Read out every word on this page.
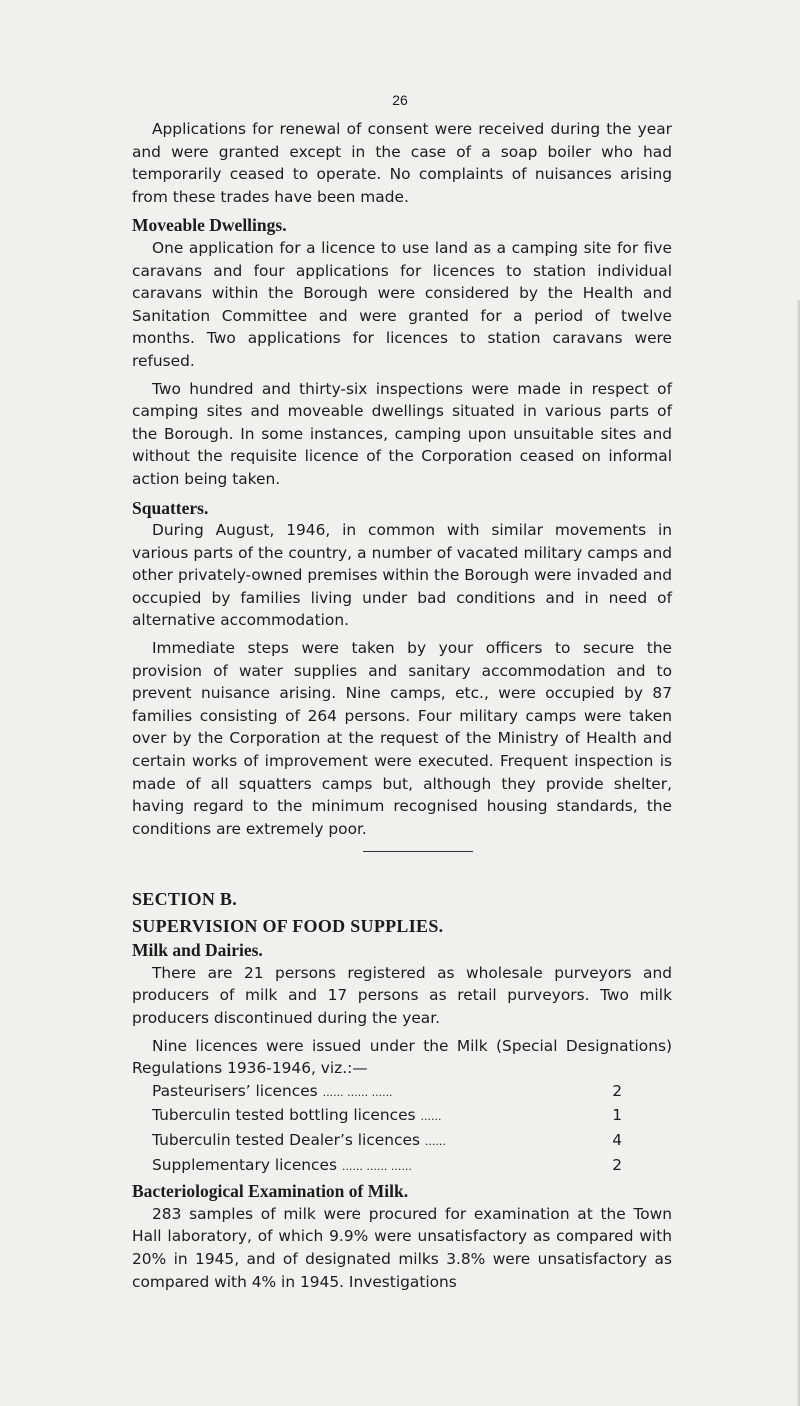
26

Applications for renewal of consent were received during the year and were granted except in the case of a soap boiler who had temporarily ceased to operate. No complaints of nuisances arising from these trades have been made.

Moveable Dwellings.

One application for a licence to use land as a camping site for five caravans and four applications for licences to station individual caravans within the Borough were considered by the Health and Sanitation Committee and were granted for a period of twelve months. Two applications for licences to station caravans were refused.

Two hundred and thirty-six inspections were made in respect of camping sites and moveable dwellings situated in various parts of the Borough. In some instances, camping upon unsuitable sites and without the requisite licence of the Corporation ceased on informal action being taken.

Squatters.

During August, 1946, in common with similar movements in various parts of the country, a number of vacated military camps and other privately-owned premises within the Borough were invaded and occupied by families living under bad conditions and in need of alternative accommodation.

Immediate steps were taken by your officers to secure the provision of water supplies and sanitary accommodation and to prevent nuisance arising. Nine camps, etc., were occupied by 87 families consisting of 264 persons. Four military camps were taken over by the Corporation at the request of the Ministry of Health and certain works of improvement were executed. Frequent inspection is made of all squatters camps but, although they provide shelter, having regard to the minimum recognised housing standards, the conditions are extremely poor.

SECTION B.

SUPERVISION OF FOOD SUPPLIES.

Milk and Dairies.

There are 21 persons registered as wholesale purveyors and producers of milk and 17 persons as retail purveyors. Two milk producers discontinued during the year.

Nine licences were issued under the Milk (Special Designations) Regulations 1936-1946, viz.:—

Pasteurisers’ licences ...... ...... ......	2
Tuberculin tested bottling licences ......	1
Tuberculin tested Dealer’s licences ......	4
Supplementary licences ...... ...... ......	2

Bacteriological Examination of Milk.

283 samples of milk were procured for examination at the Town Hall laboratory, of which 9.9% were unsatisfactory as compared with 20% in 1945, and of designated milks 3.8% were unsatisfactory as compared with 4% in 1945. Investigations
